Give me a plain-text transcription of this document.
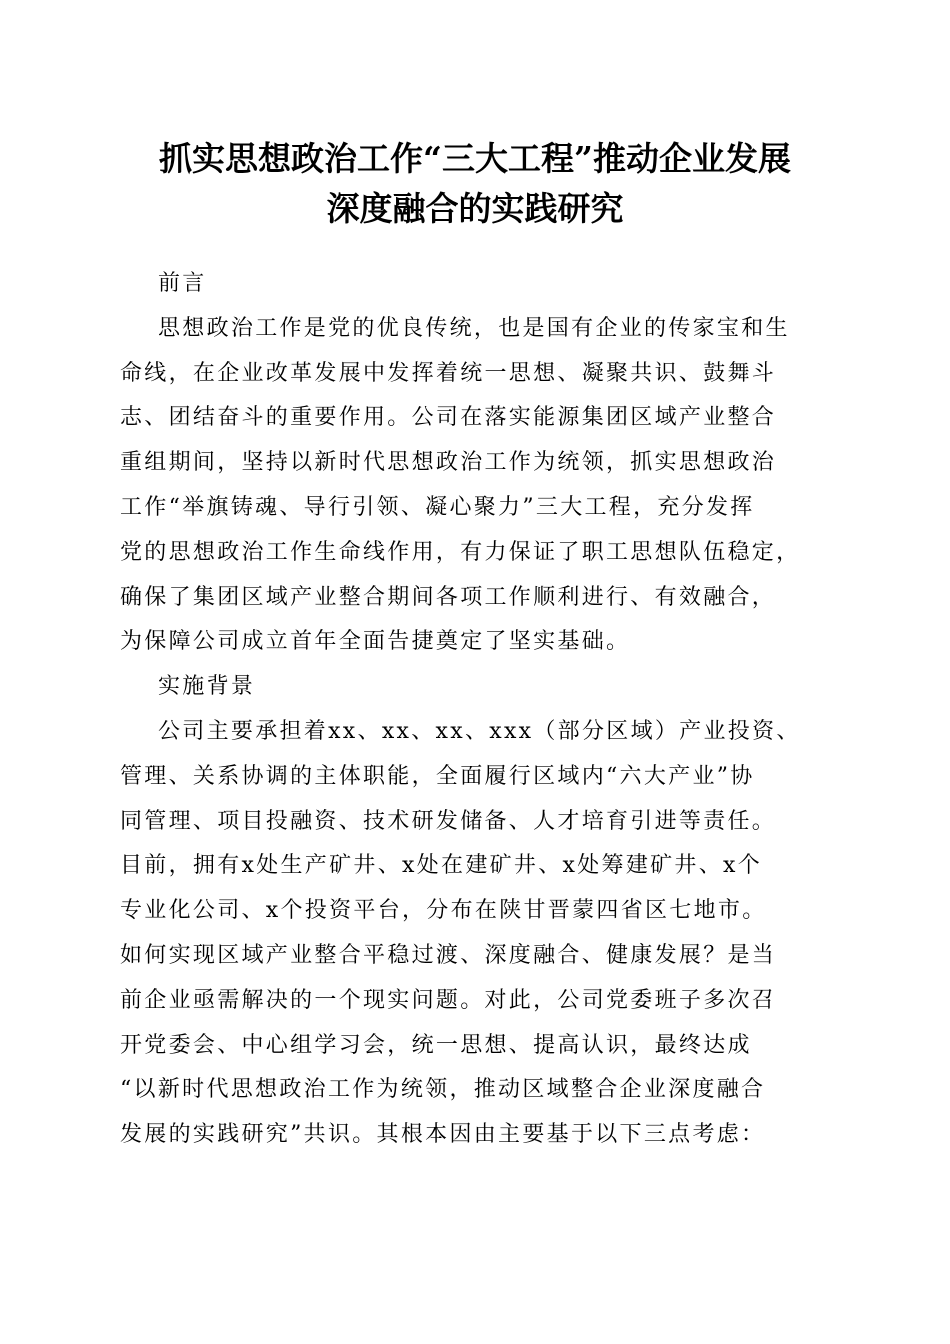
抓实思想政治工作“三大工程”推动企业发展
深度融合的实践研究
前言
思想政治工作是党的优良传统，也是国有企业的传家宝和生
命线，在企业改革发展中发挥着统一思想、凝聚共识、鼓舞斗
志、团结奋斗的重要作用。公司在落实能源集团区域产业整合
重组期间，坚持以新时代思想政治工作为统领，抓实思想政治
工作“举旗铸魂、导行引领、凝心聚力”三大工程，充分发挥
党的思想政治工作生命线作用，有力保证了职工思想队伍稳定，
确保了集团区域产业整合期间各项工作顺利进行、有效融合，
为保障公司成立首年全面告捷奠定了坚实基础。
实施背景
公司主要承担着xx、xx、xx、xxx（部分区域）产业投资、
管理、关系协调的主体职能，全面履行区域内“六大产业”协
同管理、项目投融资、技术研发储备、人才培育引进等责任。
目前，拥有x处生产矿井、x处在建矿井、x处筹建矿井、x个
专业化公司、x个投资平台，分布在陕甘晋蒙四省区七地市。
如何实现区域产业整合平稳过渡、深度融合、健康发展？是当
前企业亟需解决的一个现实问题。对此，公司党委班子多次召
开党委会、中心组学习会，统一思想、提高认识，最终达成
“以新时代思想政治工作为统领，推动区域整合企业深度融合
发展的实践研究”共识。其根本因由主要基于以下三点考虑：
